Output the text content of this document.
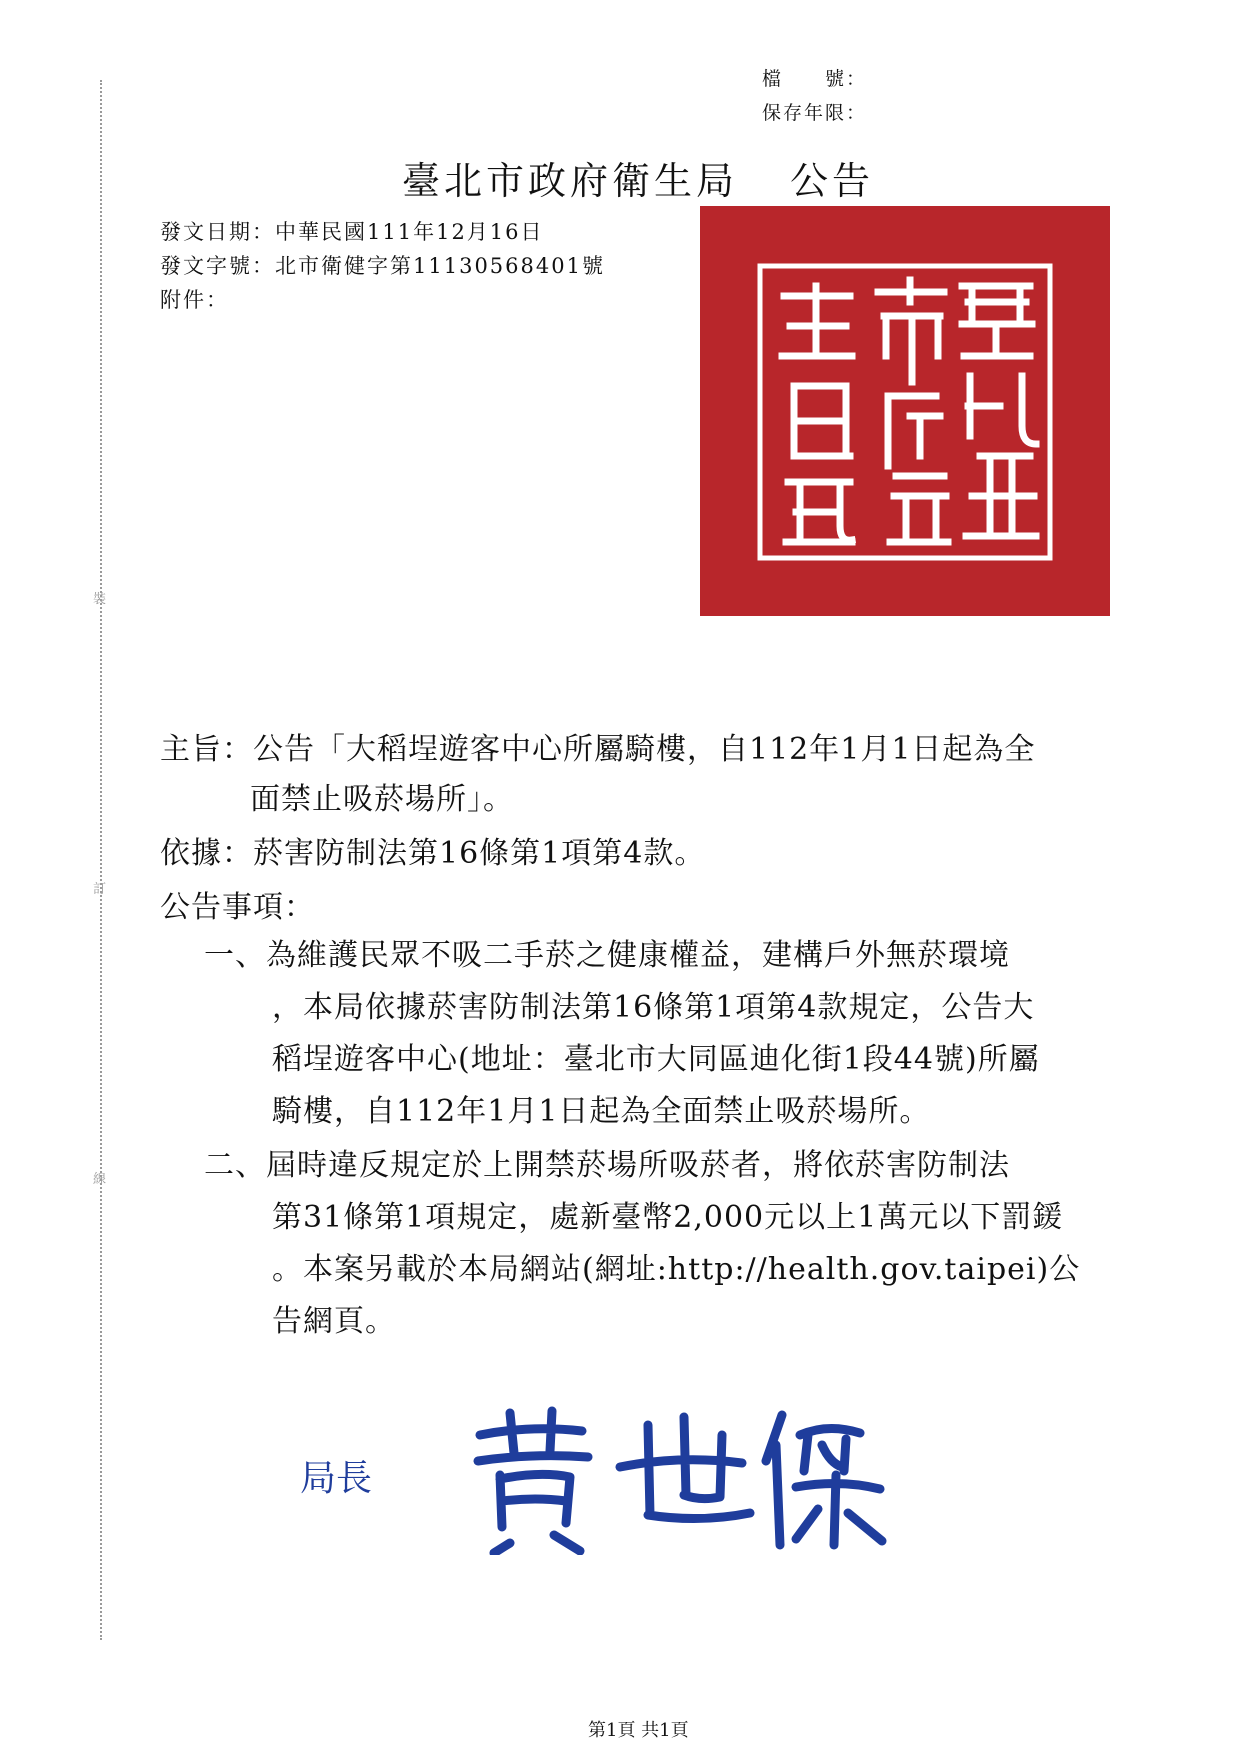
裝
訂
線
檔　　號：
保存年限：
臺北市政府衛生局 公告
發文日期：中華民國111年12月16日
發文字號：北市衛健字第11130568401號
附件：
主旨：公告「大稻埕遊客中心所屬騎樓，自112年1月1日起為全
面禁止吸菸場所」。
依據：菸害防制法第16條第1項第4款。
公告事項：
一、為維護民眾不吸二手菸之健康權益，建構戶外無菸環境
，本局依據菸害防制法第16條第1項第4款規定，公告大
稻埕遊客中心(地址：臺北市大同區迪化街1段44號)所屬
騎樓，自112年1月1日起為全面禁止吸菸場所。
二、屆時違反規定於上開禁菸場所吸菸者，將依菸害防制法
第31條第1項規定，處新臺幣2,000元以上1萬元以下罰鍰
。本案另載於本局網站(網址:http://health.gov.taipei)公
告網頁。
局長
第1頁 共1頁
